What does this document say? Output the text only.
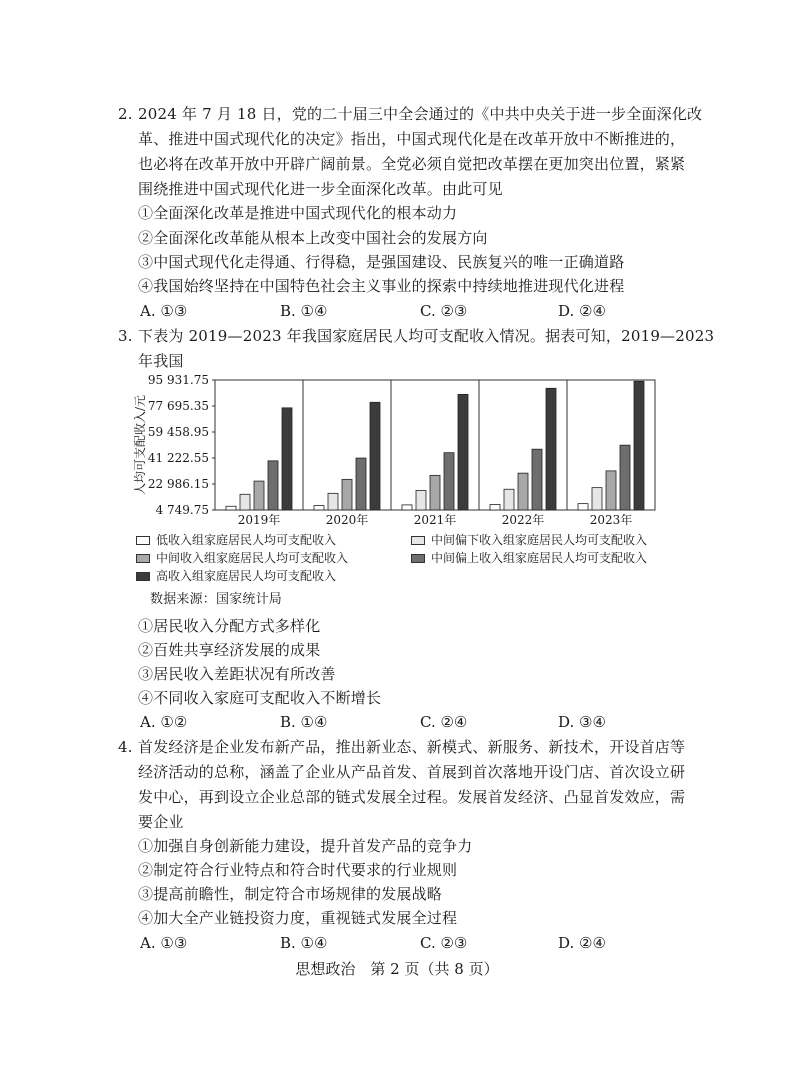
2. 2024 年 7 月 18 日，党的二十届三中全会通过的《中共中央关于进一步全面深化改
革、推进中国式现代化的决定》指出，中国式现代化是在改革开放中不断推进的，
也必将在改革开放中开辟广阔前景。全党必须自觉把改革摆在更加突出位置，紧紧
围绕推进中国式现代化进一步全面深化改革。由此可见
①全面深化改革是推进中国式现代化的根本动力
②全面深化改革能从根本上改变中国社会的发展方向
③中国式现代化走得通、行得稳，是强国建设、民族复兴的唯一正确道路
④我国始终坚持在中国特色社会主义事业的探索中持续地推进现代化进程
A. ①③	B. ①④	C. ②③	D. ②④
3. 下表为 2019—2023 年我国家庭居民人均可支配收入情况。据表可知，2019—2023
年我国
4 749.75
22 986.15
41 222.55
59 458.95
77 695.35
95 931.75
人均可支配收入/元
2019年	2020年	2021年	2022年	2023年
低收入组家庭居民人均可支配收入	中间偏下收入组家庭居民人均可支配收入
中间收入组家庭居民人均可支配收入	中间偏上收入组家庭居民人均可支配收入
高收入组家庭居民人均可支配收入
数据来源：国家统计局
①居民收入分配方式多样化
②百姓共享经济发展的成果
③居民收入差距状况有所改善
④不同收入家庭可支配收入不断增长
A. ①②	B. ①④	C. ②④	D. ③④
4. 首发经济是企业发布新产品，推出新业态、新模式、新服务、新技术，开设首店等
经济活动的总称，涵盖了企业从产品首发、首展到首次落地开设门店、首次设立研
发中心，再到设立企业总部的链式发展全过程。发展首发经济、凸显首发效应，需
要企业
①加强自身创新能力建设，提升首发产品的竞争力
②制定符合行业特点和符合时代要求的行业规则
③提高前瞻性，制定符合市场规律的发展战略
④加大全产业链投资力度，重视链式发展全过程
A. ①③	B. ①④	C. ②③	D. ②④
思想政治　第 2 页（共 8 页）
